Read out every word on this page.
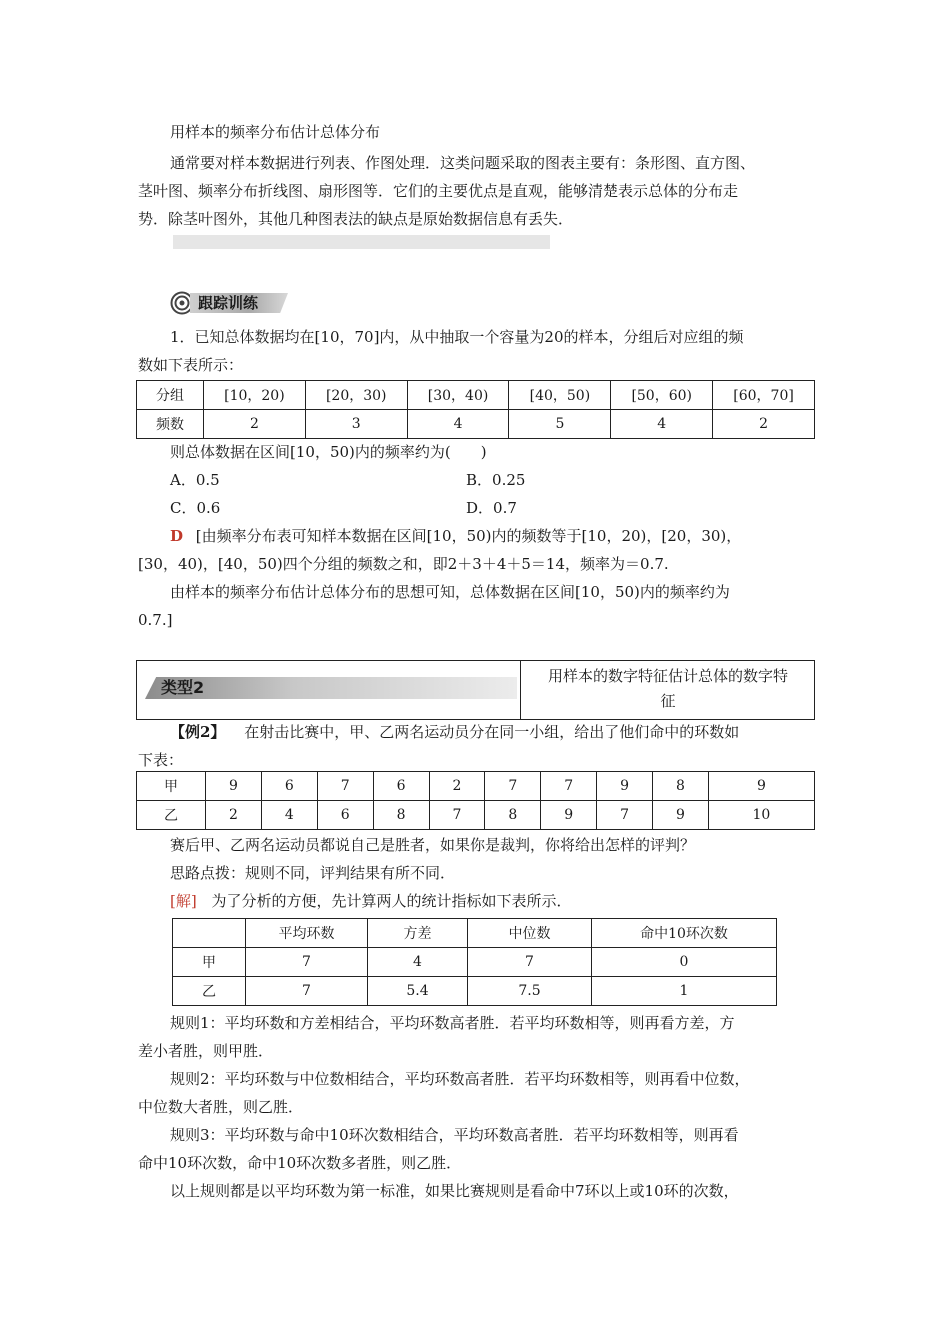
用样本的频率分布估计总体分布
通常要对样本数据进行列表、作图处理．这类问题采取的图表主要有：条形图、直方图、
茎叶图、频率分布折线图、扇形图等．它们的主要优点是直观，能够清楚表示总体的分布走
势．除茎叶图外，其他几种图表法的缺点是原始数据信息有丢失．
跟踪训练
1．已知总体数据均在[10，70]内，从中抽取一个容量为20的样本，分组后对应组的频
数如下表所示：
分组	[10，20)	[20，30)	[30，40)	[40，50)	[50，60)	[60，70]
频数	2	3	4	5	4	2
则总体数据在区间[10，50)内的频率约为(　　)
A．0.5	B．0.25
C．0.6	D．0.7
D [由频率分布表可知样本数据在区间[10，50)内的频数等于[10，20)，[20，30)，
[30，40)，[40，50)四个分组的频数之和，即2＋3＋4＋5＝14，频率为＝0.7.
由样本的频率分布估计总体分布的思想可知，总体数据在区间[10，50)内的频率约为
0.7.]
类型2
用样本的数字特征估计总体的数字特
征
【例2】 在射击比赛中，甲、乙两名运动员分在同一小组，给出了他们命中的环数如
下表：
甲	9	6	7	6	2	7	7	9	8	9
乙	2	4	6	8	7	8	9	7	9	10
赛后甲、乙两名运动员都说自己是胜者，如果你是裁判，你将给出怎样的评判？
思路点拨：规则不同，评判结果有所不同．
[解] 为了分析的方便，先计算两人的统计指标如下表所示．
	平均环数	方差	中位数	命中10环次数
甲	7	4	7	0
乙	7	5.4	7.5	1
规则1：平均环数和方差相结合，平均环数高者胜．若平均环数相等，则再看方差，方
差小者胜，则甲胜．
规则2：平均环数与中位数相结合，平均环数高者胜．若平均环数相等，则再看中位数，
中位数大者胜，则乙胜．
规则3：平均环数与命中10环次数相结合，平均环数高者胜．若平均环数相等，则再看
命中10环次数，命中10环次数多者胜，则乙胜．
以上规则都是以平均环数为第一标准，如果比赛规则是看命中7环以上或10环的次数，
